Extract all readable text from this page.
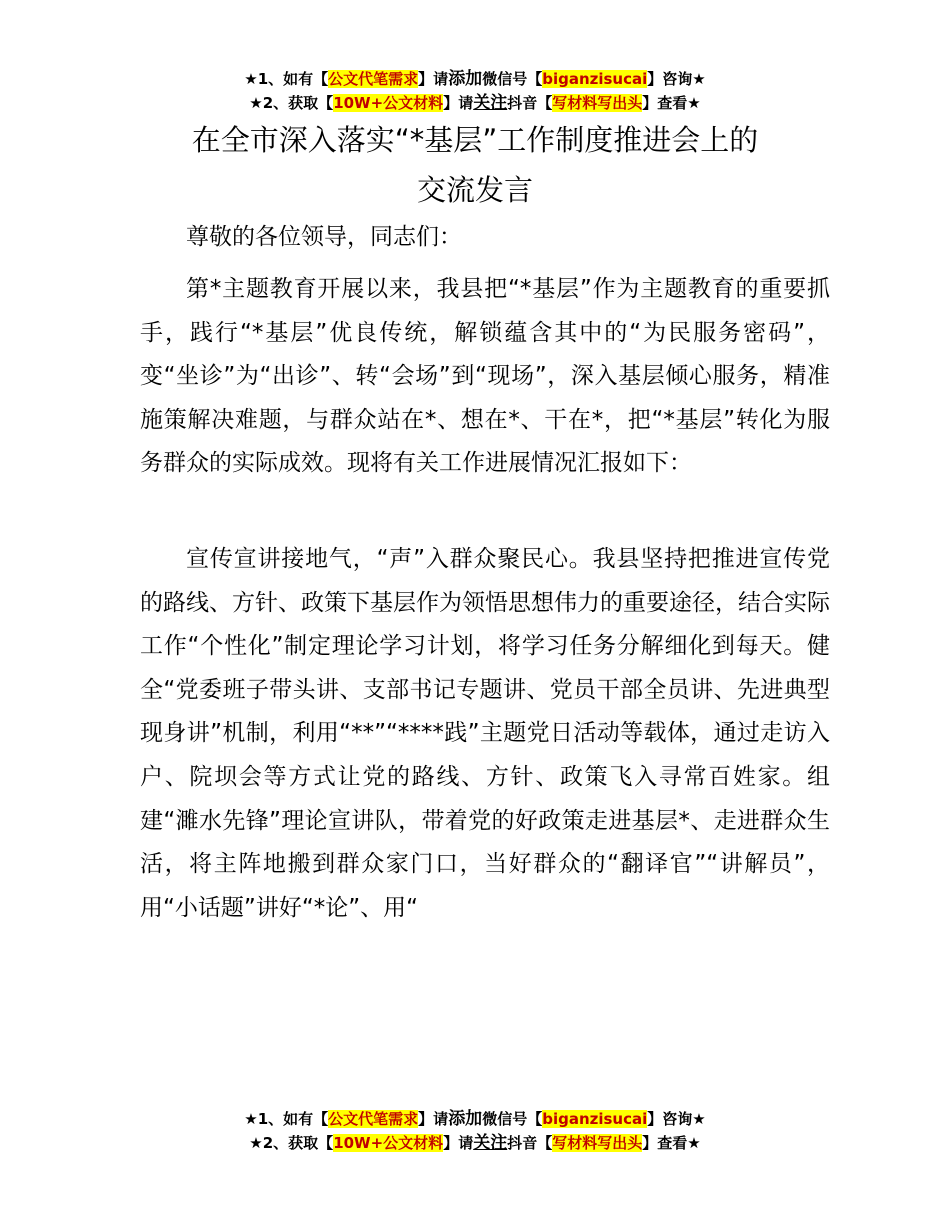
★1、如有【公文代笔需求】请添加微信号【biganzisucai】咨询★
★2、获取【10W+公文材料】请关注抖音【写材料写出头】查看★
在全市深入落实“*基层”工作制度推进会上的
交流发言

尊敬的各位领导，同志们：

第*主题教育开展以来，我县把“*基层”作为主题教育的重要抓手，践行“*基层”优良传统，解锁蕴含其中的“为民服务密码”，变“坐诊”为“出诊”、转“会场”到“现场”，深入基层倾心服务，精准施策解决难题，与群众站在*、想在*、干在*，把“*基层”转化为服务群众的实际成效。现将有关工作进展情况汇报如下：

宣传宣讲接地气，“声”入群众聚民心。我县坚持把推进宣传党的路线、方针、政策下基层作为领悟思想伟力的重要途径，结合实际工作“个性化”制定理论学习计划，将学习任务分解细化到每天。健全“党委班子带头讲、支部书记专题讲、党员干部全员讲、先进典型现身讲”机制，利用“**”“****践”主题党日活动等载体，通过走访入户、院坝会等方式让党的路线、方针、政策飞入寻常百姓家。组建“濉水先锋”理论宣讲队，带着党的好政策走进基层*、走进群众生活，将主阵地搬到群众家门口，当好群众的“翻译官”“讲解员”，用“小话题”讲好“*论”、用“

★1、如有【公文代笔需求】请添加微信号【biganzisucai】咨询★
★2、获取【10W+公文材料】请关注抖音【写材料写出头】查看★
